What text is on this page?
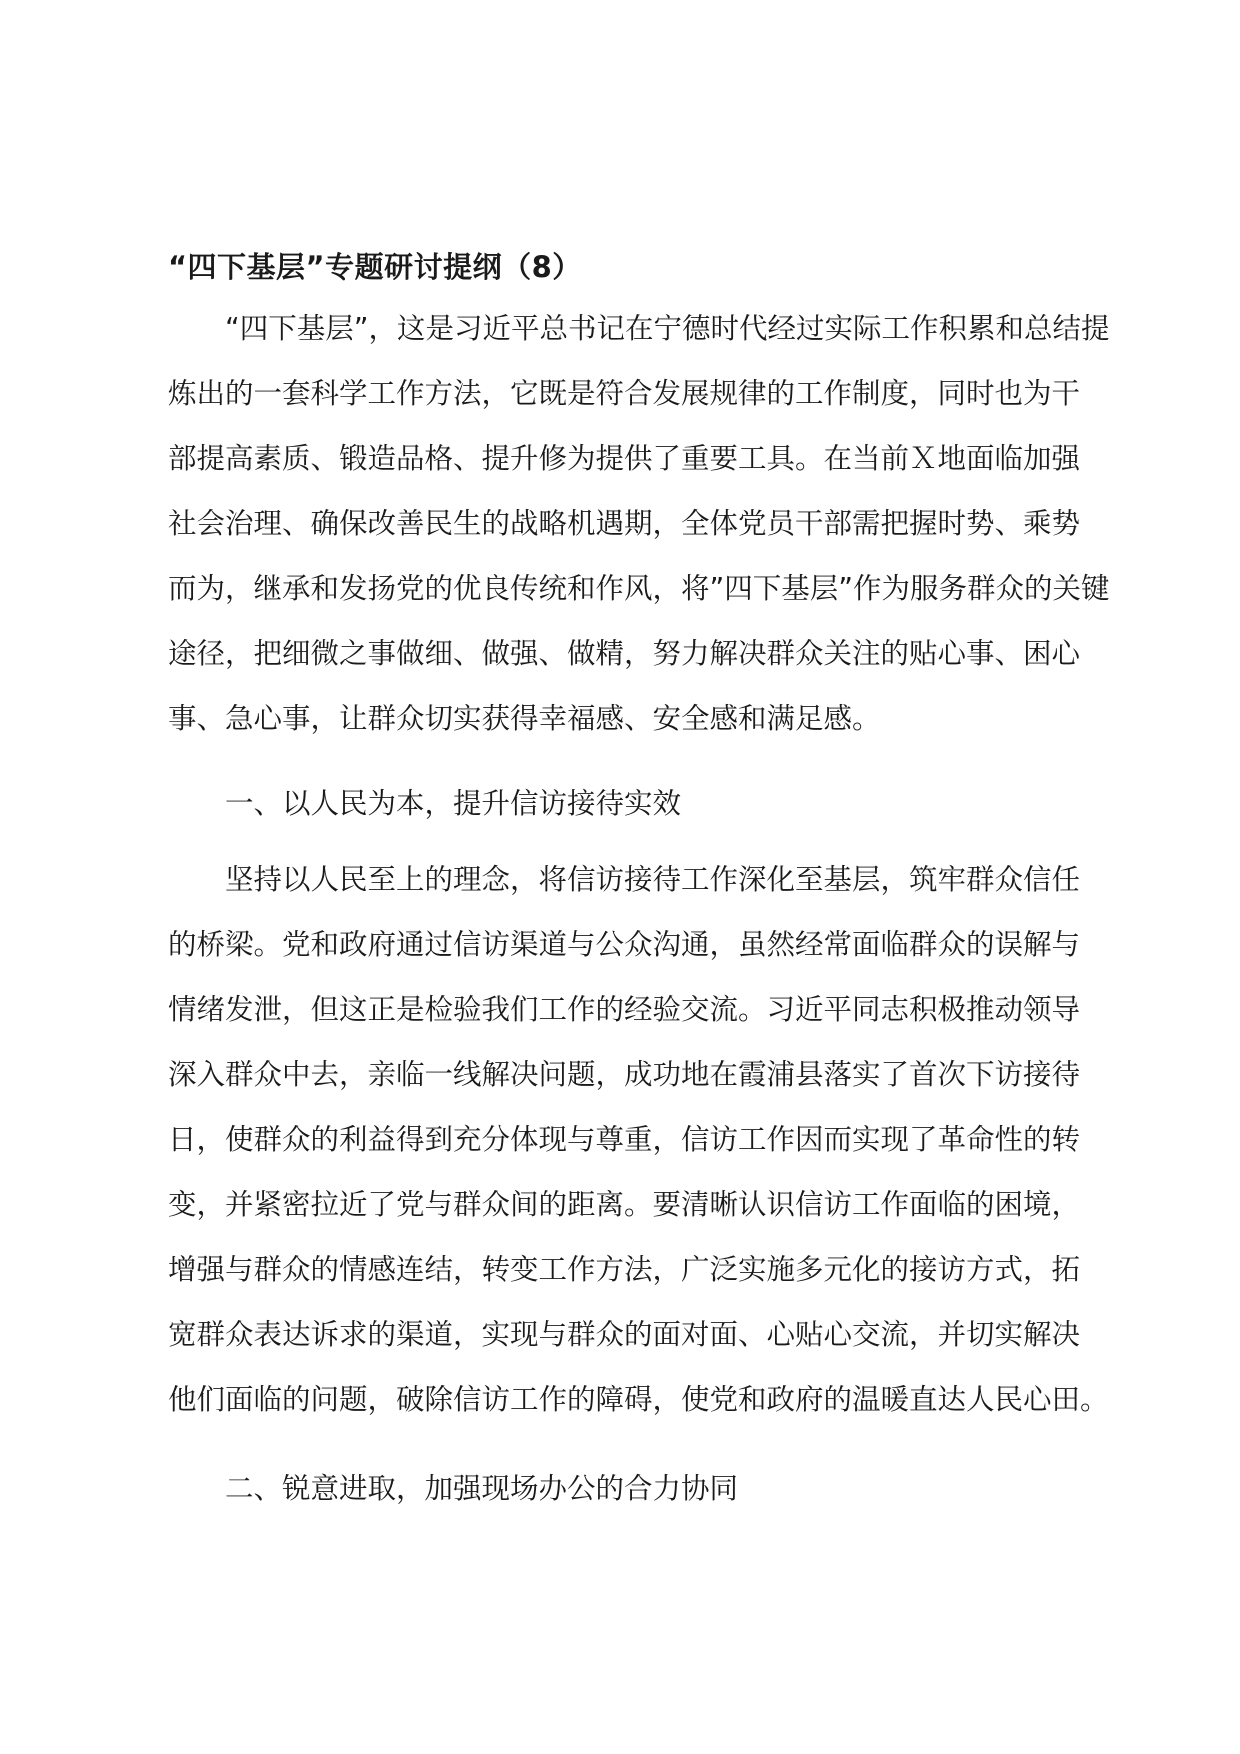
“四下基层”专题研讨提纲（8）

“四下基层”，这是习近平总书记在宁德时代经过实际工作积累和总结提
炼出的一套科学工作方法，它既是符合发展规律的工作制度，同时也为干
部提高素质、锻造品格、提升修为提供了重要工具。在当前Ｘ地面临加强
社会治理、确保改善民生的战略机遇期，全体党员干部需把握时势、乘势
而为，继承和发扬党的优良传统和作风，将”四下基层”作为服务群众的关键
途径，把细微之事做细、做强、做精，努力解决群众关注的贴心事、困心
事、急心事，让群众切实获得幸福感、安全感和满足感。

一、以人民为本，提升信访接待实效

坚持以人民至上的理念，将信访接待工作深化至基层，筑牢群众信任
的桥梁。党和政府通过信访渠道与公众沟通，虽然经常面临群众的误解与
情绪发泄，但这正是检验我们工作的经验交流。习近平同志积极推动领导
深入群众中去，亲临一线解决问题，成功地在霞浦县落实了首次下访接待
日，使群众的利益得到充分体现与尊重，信访工作因而实现了革命性的转
变，并紧密拉近了党与群众间的距离。要清晰认识信访工作面临的困境，
增强与群众的情感连结，转变工作方法，广泛实施多元化的接访方式，拓
宽群众表达诉求的渠道，实现与群众的面对面、心贴心交流，并切实解决
他们面临的问题，破除信访工作的障碍，使党和政府的温暖直达人民心田。

二、锐意进取，加强现场办公的合力协同
